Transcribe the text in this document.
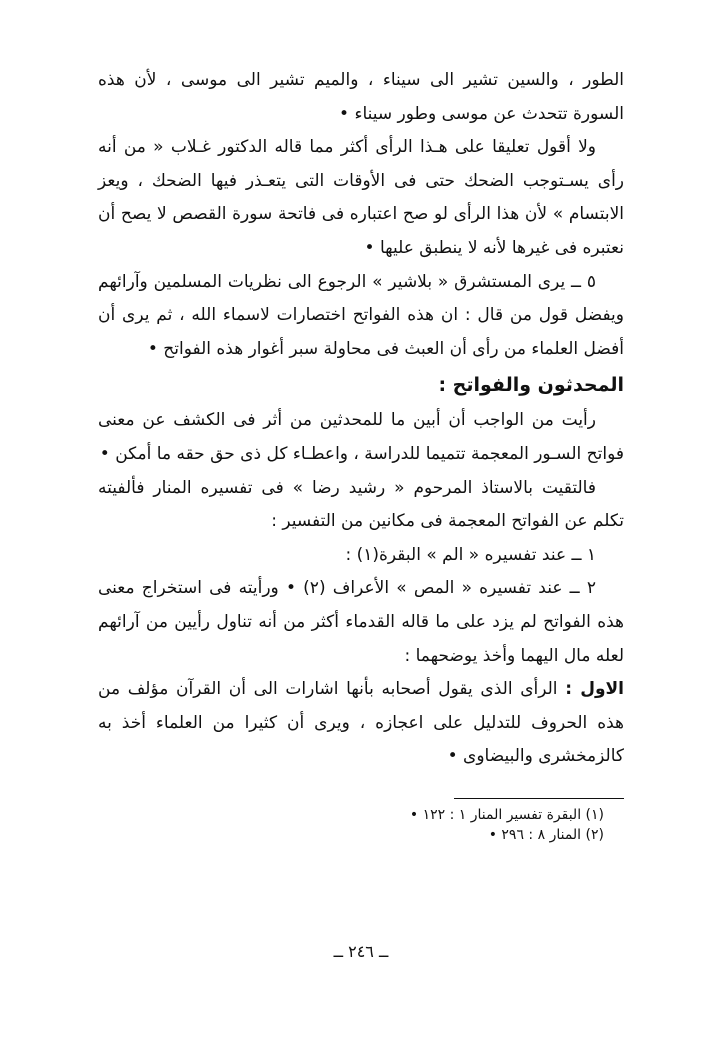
الطور ، والسين تشير الى سيناء ، والميم تشير الى موسى ، لأن هذه السورة تتحدث عن موسى وطور سيناء •

ولا أقول تعليقا على هـذا الرأى أكثر مما قاله الدكتور غـلاب « من أنه رأى يسـتوجب الضحك حتى فى الأوقات التى يتعـذر فيها الضحك ، ويعز الابتسام » لأن هذا الرأى لو صح اعتباره فى فاتحة سورة القصص لا يصح أن نعتبره فى غيرها لأنه لا ينطبق عليها •

٥ ــ يرى المستشرق « بلاشير » الرجوع الى نظريات المسلمين وآرائهم ويفضل قول من قال : ان هذه الفواتح اختصارات لاسماء الله ، ثم يرى أن أفضل العلماء من رأى أن العبث فى محاولة سبر أغوار هذه الفواتح •

المحدثون والفواتح :

رأيت من الواجب أن أبين ما للمحدثين من أثر فى الكشف عن معنى فواتح السـور المعجمة تتميما للدراسة ، واعطـاء كل ذى حق حقه ما أمكن •

فالتقيت بالاستاذ المرحوم « رشيد رضا » فى تفسيره المنار فألفيته تكلم عن الفواتح المعجمة فى مكانين من التفسير :

١ ــ عند تفسيره « الم » البقرة(١) :

٢ ــ عند تفسيره « المص » الأعراف (٢) • ورأيته فى استخراج معنى هذه الفواتح لم يزد على ما قاله القدماء أكثر من أنه تناول رأيين من آرائهم لعله مال اليهما وأخذ يوضحهما :

الاول : الرأى الذى يقول أصحابه بأنها اشارات الى أن القرآن مؤلف من هذه الحروف للتدليل على اعجازه ، ويرى أن كثيرا من العلماء أخذ به كالزمخشرى والبيضاوى •

(١) البقرة تفسير المنار ١ : ١٢٢ •

(٢) المنار ٨ : ٢٩٦ •

ــ ٢٤٦ ــ
